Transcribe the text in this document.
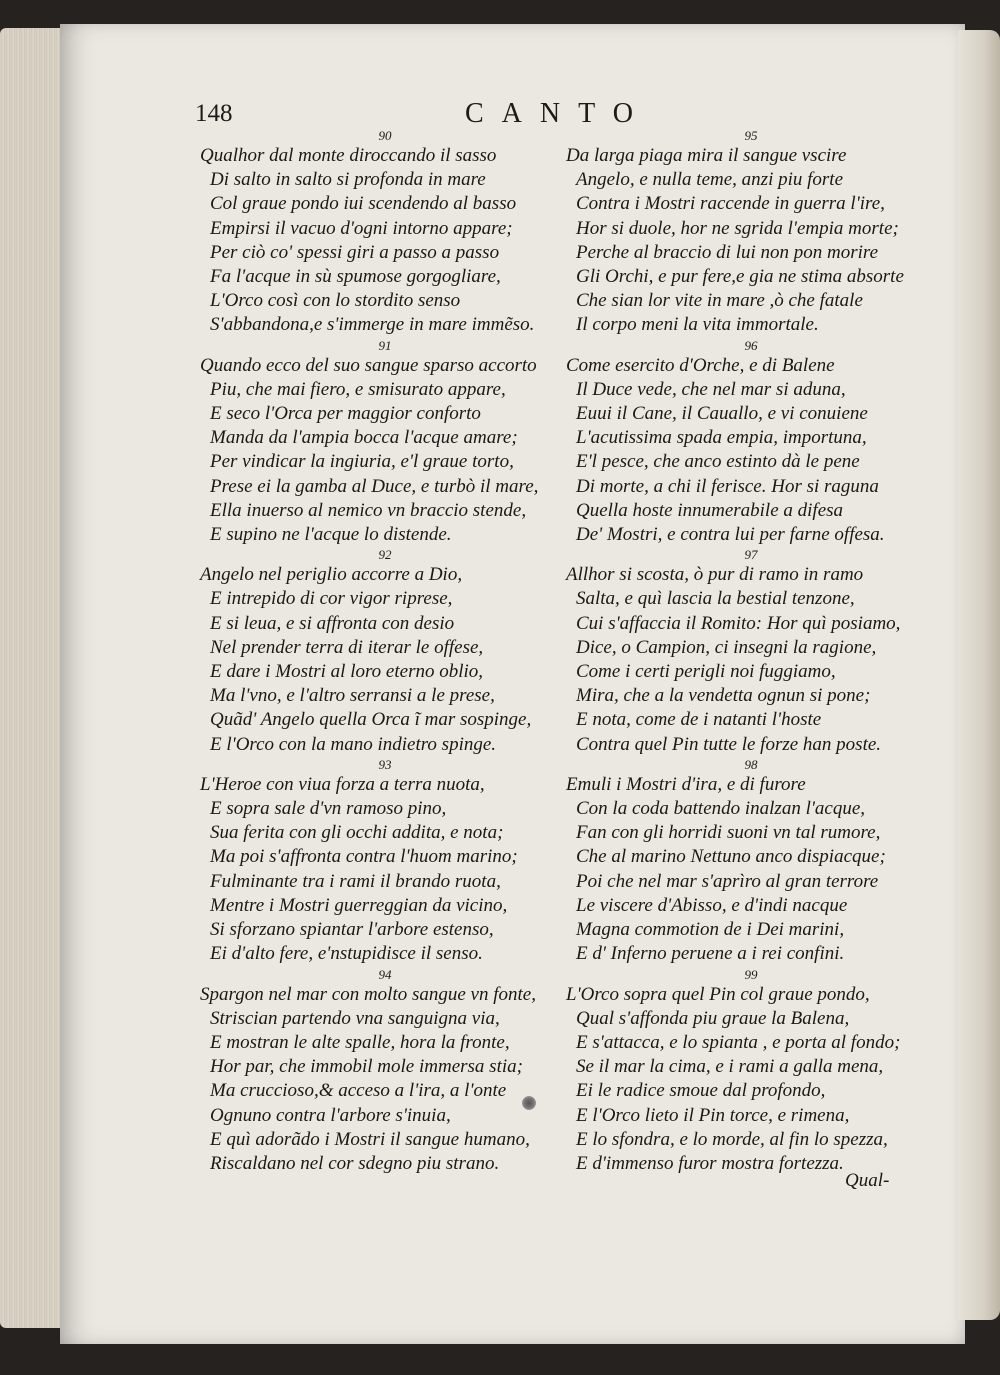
148	CANTO
90
Qualhor dal monte diroccando il sasso
Di salto in salto si profonda in mare
Col graue pondo iui scendendo al basso
Empirsi il vacuo d'ogni intorno appare;
Per ciò co' spessi giri a passo a passo
Fa l'acque in sù spumose gorgogliare,
L'Orco così con lo stordito senso
S'abbandona,e s'immerge in mare immẽso.
91
Quando ecco del suo sangue sparso accorto
Piu, che mai fiero, e smisurato appare,
E seco l'Orca per maggior conforto
Manda da l'ampia bocca l'acque amare;
Per vindicar la ingiuria, e'l graue torto,
Prese ei la gamba al Duce, e turbò il mare,
Ella inuerso al nemico vn braccio stende,
E supino ne l'acque lo distende.
92
Angelo nel periglio accorre a Dio,
E intrepido di cor vigor riprese,
E si leua, e si affronta con desio
Nel prender terra di iterar le offese,
E dare i Mostri al loro eterno oblio,
Ma l'vno, e l'altro serransi a le prese,
Quãd' Angelo quella Orca ĩ mar sospinge,
E l'Orco con la mano indietro spinge.
93
L'Heroe con viua forza a terra nuota,
E sopra sale d'vn ramoso pino,
Sua ferita con gli occhi addita, e nota;
Ma poi s'affronta contra l'huom marino;
Fulminante tra i rami il brando ruota,
Mentre i Mostri guerreggian da vicino,
Si sforzano spiantar l'arbore estenso,
Ei d'alto fere, e'nstupidisce il senso.
94
Spargon nel mar con molto sangue vn fonte,
Striscian partendo vna sanguigna via,
E mostran le alte spalle, hora la fronte,
Hor par, che immobil mole immersa stia;
Ma cruccioso,& acceso a l'ira, a l'onte
Ognuno contra l'arbore s'inuia,
E quì adorãdo i Mostri il sangue humano,
Riscaldano nel cor sdegno piu strano.
95
Da larga piaga mira il sangue vscire
Angelo, e nulla teme, anzi piu forte
Contra i Mostri raccende in guerra l'ire,
Hor si duole, hor ne sgrida l'empia morte;
Perche al braccio di lui non pon morire
Gli Orchi, e pur fere,e gia ne stima absorte
Che sian lor vite in mare ,ò che fatale
Il corpo meni la vita immortale.
96
Come esercito d'Orche, e di Balene
Il Duce vede, che nel mar si aduna,
Euui il Cane, il Cauallo, e vi conuiene
L'acutissima spada empia, importuna,
E'l pesce, che anco estinto dà le pene
Di morte, a chi il ferisce. Hor si raguna
Quella hoste innumerabile a difesa
De' Mostri, e contra lui per farne offesa.
97
Allhor si scosta, ò pur di ramo in ramo
Salta, e quì lascia la bestial tenzone,
Cui s'affaccia il Romito: Hor quì posiamo,
Dice, o Campion, ci insegni la ragione,
Come i certi perigli noi fuggiamo,
Mira, che a la vendetta ognun si pone;
E nota, come de i natanti l'hoste
Contra quel Pin tutte le forze han poste.
98
Emuli i Mostri d'ira, e di furore
Con la coda battendo inalzan l'acque,
Fan con gli horridi suoni vn tal rumore,
Che al marino Nettuno anco dispiacque;
Poi che nel mar s'aprìro al gran terrore
Le viscere d'Abisso, e d'indi nacque
Magna commotion de i Dei marini,
E d' Inferno peruene a i rei confini.
99
L'Orco sopra quel Pin col graue pondo,
Qual s'affonda piu graue la Balena,
E s'attacca, e lo spianta , e porta al fondo;
Se il mar la cima, e i rami a galla mena,
Ei le radice smoue dal profondo,
E l'Orco lieto il Pin torce, e rimena,
E lo sfondra, e lo morde, al fin lo spezza,
E d'immenso furor mostra fortezza.
Qual-
